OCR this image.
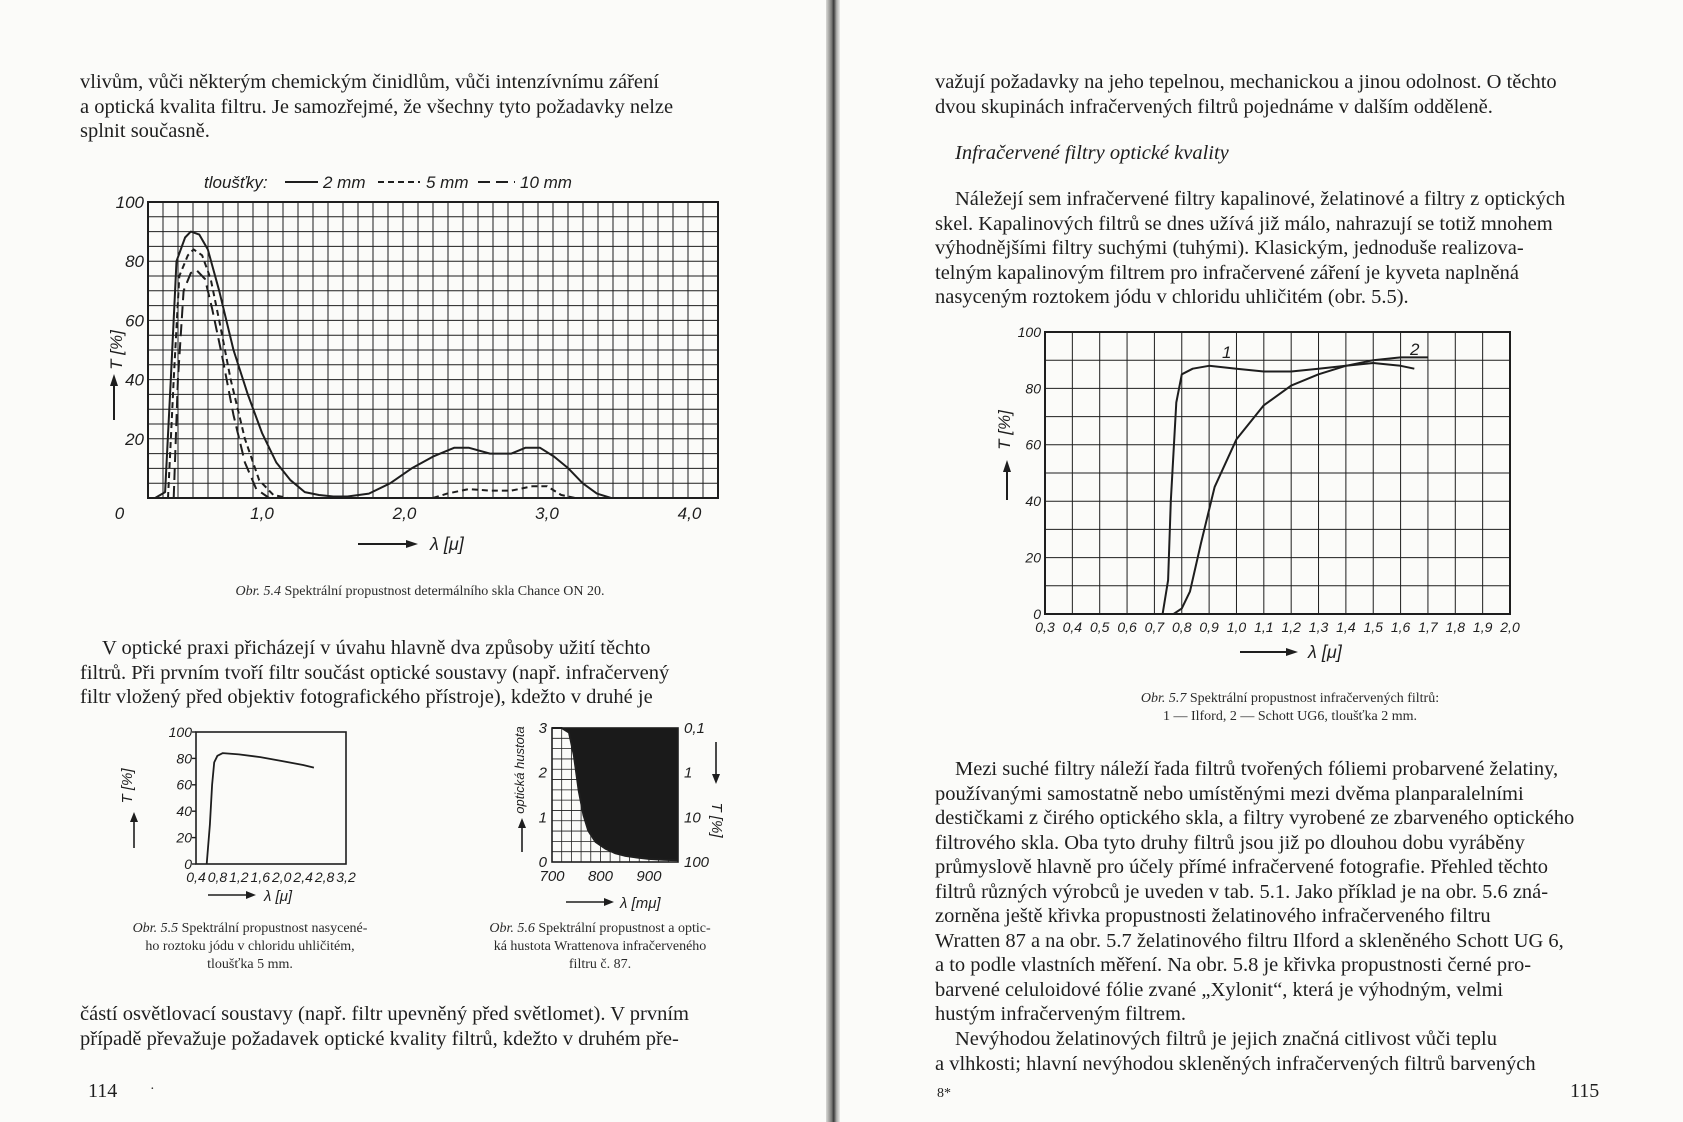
vlivům, vůči některým chemickým činidlům, vůči intenzívnímu záření
a optická kvalita filtru. Je samozřejmé, že všechny tyto požadavky nelze
splnit současně.

tloušťky:	2 mm	5 mm	10 mm
20
40
60
80
100
0	1,0	2,0	3,0	4,0
T [%]
λ [μ]

Obr. 5.4 Spektrální propustnost determálního skla Chance ON 20.

V optické praxi přicházejí v úvahu hlavně dva způsoby užití těchto
filtrů. Při prvním tvoří filtr součást optické soustavy (např. infračervený
filtr vložený před objektiv fotografického přístroje), kdežto v druhé je

0
20
40
60
80
100
0,4 0,8 1,2 1,6 2,0 2,4 2,8 3,2
T [%]
λ [μ]

Obr. 5.5 Spektrální propustnost nasycené-
ho roztoku jódu v chloridu uhličitém,
tloušťka 5 mm.

0
1
2
3	0,1
1
10
100
700 800 900
optická hustota
T [%]
λ [mμ]

Obr. 5.6 Spektrální propustnost a optic-
ká hustota Wrattenova infračerveného
filtru č. 87.

částí osvětlovací soustavy (např. filtr upevněný před světlomet). V prvním
případě převažuje požadavek optické kvality filtrů, kdežto v druhém pře-

114 ·

važují požadavky na jeho tepelnou, mechanickou a jinou odolnost. O těchto
dvou skupinách infračervených filtrů pojednáme v dalším odděleně.

Infračervené filtry optické kvality

Náležejí sem infračervené filtry kapalinové, želatinové a filtry z optických
skel. Kapalinových filtrů se dnes užívá již málo, nahrazují se totiž mnohem
výhodnějšími filtry suchými (tuhými). Klasickým, jednoduše realizova-
telným kapalinovým filtrem pro infračervené záření je kyveta naplněná
nasyceným roztokem jódu v chloridu uhličitém (obr. 5.5).

0
20
40
60
80
100
0,3 0,4 0,5 0,6 0,7 0,8 0,9 1,0 1,1 1,2 1,3 1,4 1,5 1,6 1,7 1,8 1,9 2,0
1	2
T [%]
λ [μ]

Obr. 5.7 Spektrální propustnost infračervených filtrů:
1 — Ilford, 2 — Schott UG6, tloušťka 2 mm.

Mezi suché filtry náleží řada filtrů tvořených fóliemi probarvené želatiny,
používanými samostatně nebo umístěnými mezi dvěma planparalelními
destičkami z čirého optického skla, a filtry vyrobené ze zbarveného optického
filtrového skla. Oba tyto druhy filtrů jsou již po dlouhou dobu vyráběny
průmyslově hlavně pro účely přímé infračervené fotografie. Přehled těchto
filtrů různých výrobců je uveden v tab. 5.1. Jako příklad je na obr. 5.6 zná-
zorněna ještě křivka propustnosti želatinového infračerveného filtru
Wratten 87 a na obr. 5.7 želatinového filtru Ilford a skleněného Schott UG 6,
a to podle vlastních měření. Na obr. 5.8 je křivka propustnosti černé pro-
barvené celuloidové fólie zvané „Xylonit“, která je výhodným, velmi
hustým infračerveným filtrem.

Nevýhodou želatinových filtrů je jejich značná citlivost vůči teplu
a vlhkosti; hlavní nevýhodou skleněných infračervených filtrů barvených

8*	115
